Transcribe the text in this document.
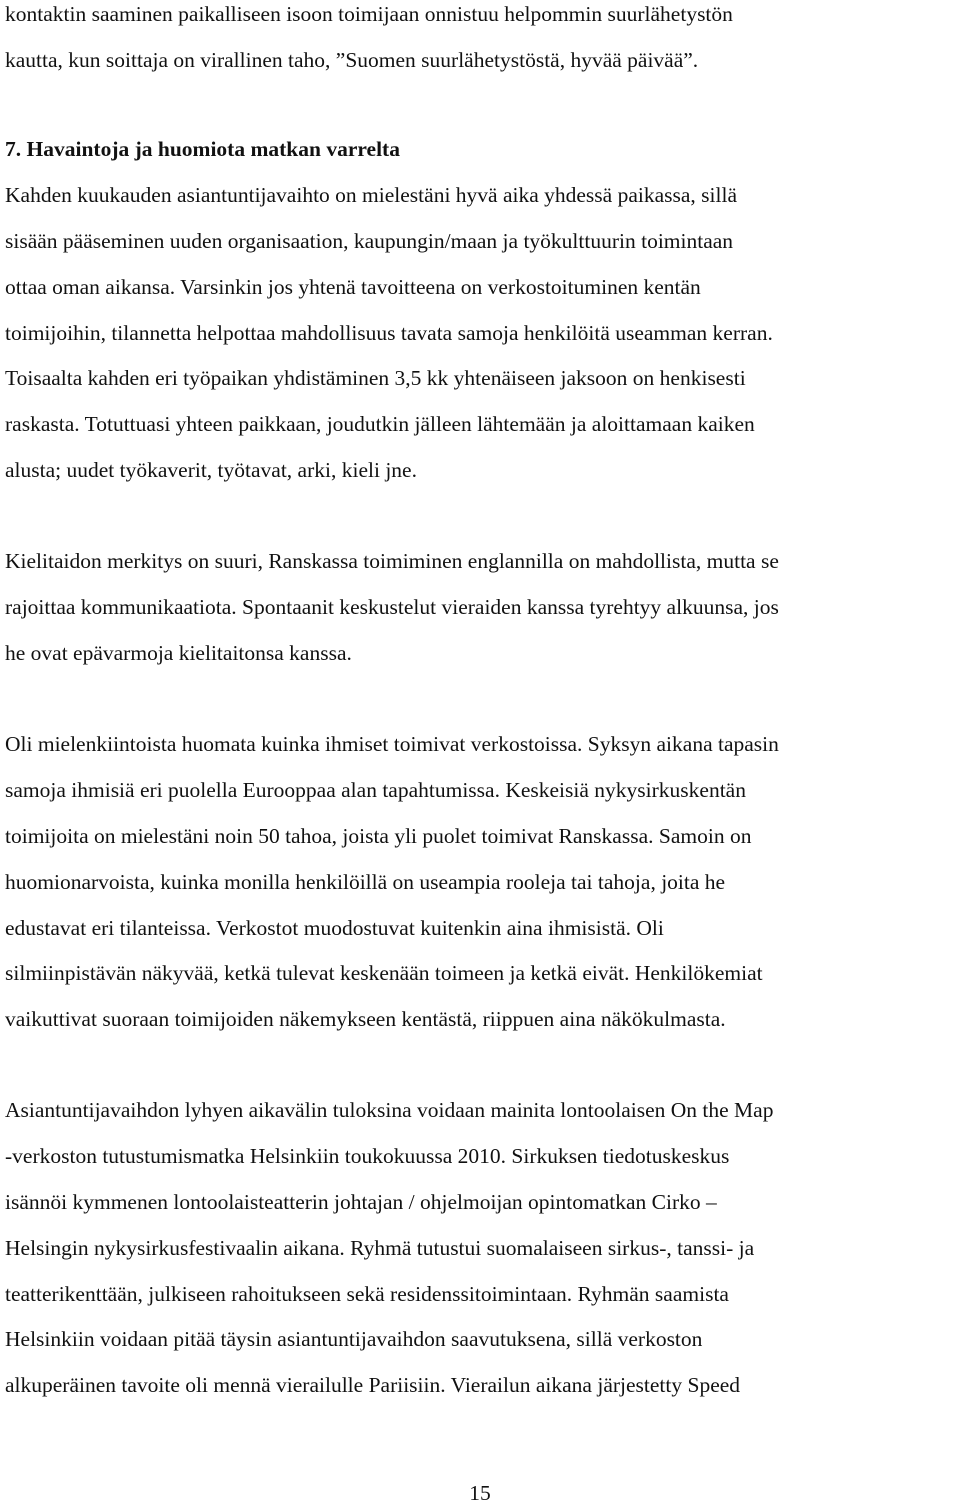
kontaktin saaminen paikalliseen isoon toimijaan onnistuu helpommin suurlähetystön
kautta, kun soittaja on virallinen taho, ”Suomen suurlähetystöstä, hyvää päivää”.
7. Havaintoja ja huomiota matkan varrelta
Kahden kuukauden asiantuntijavaihto on mielestäni hyvä aika yhdessä paikassa, sillä
sisään pääseminen uuden organisaation, kaupungin/maan ja työkulttuurin toimintaan
ottaa oman aikansa. Varsinkin jos yhtenä tavoitteena on verkostoituminen kentän
toimijoihin, tilannetta helpottaa mahdollisuus tavata samoja henkilöitä useamman kerran.
Toisaalta kahden eri työpaikan yhdistäminen 3,5 kk yhtenäiseen jaksoon on henkisesti
raskasta. Totuttuasi yhteen paikkaan, joudutkin jälleen lähtemään ja aloittamaan kaiken
alusta; uudet työkaverit, työtavat, arki, kieli jne.
Kielitaidon merkitys on suuri, Ranskassa toimiminen englannilla on mahdollista, mutta se
rajoittaa kommunikaatiota. Spontaanit keskustelut vieraiden kanssa tyrehtyy alkuunsa, jos
he ovat epävarmoja kielitaitonsa kanssa.
Oli mielenkiintoista huomata kuinka ihmiset toimivat verkostoissa. Syksyn aikana tapasin
samoja ihmisiä eri puolella Eurooppaa alan tapahtumissa. Keskeisiä nykysirkuskentän
toimijoita on mielestäni noin 50 tahoa, joista yli puolet toimivat Ranskassa. Samoin on
huomionarvoista, kuinka monilla henkilöillä on useampia rooleja tai tahoja, joita he
edustavat eri tilanteissa. Verkostot muodostuvat kuitenkin aina ihmisistä. Oli
silmiinpistävän näkyvää, ketkä tulevat keskenään toimeen ja ketkä eivät. Henkilökemiat
vaikuttivat suoraan toimijoiden näkemykseen kentästä, riippuen aina näkökulmasta.
Asiantuntijavaihdon lyhyen aikavälin tuloksina voidaan mainita lontoolaisen On the Map
-verkoston tutustumismatka Helsinkiin toukokuussa 2010. Sirkuksen tiedotuskeskus
isännöi kymmenen lontoolaisteatterin johtajan / ohjelmoijan opintomatkan Cirko –
Helsingin nykysirkusfestivaalin aikana. Ryhmä tutustui suomalaiseen sirkus-, tanssi- ja
teatterikenttään, julkiseen rahoitukseen sekä residenssitoimintaan. Ryhmän saamista
Helsinkiin voidaan pitää täysin asiantuntijavaihdon saavutuksena, sillä verkoston
alkuperäinen tavoite oli mennä vierailulle Pariisiin. Vierailun aikana järjestetty Speed
15
